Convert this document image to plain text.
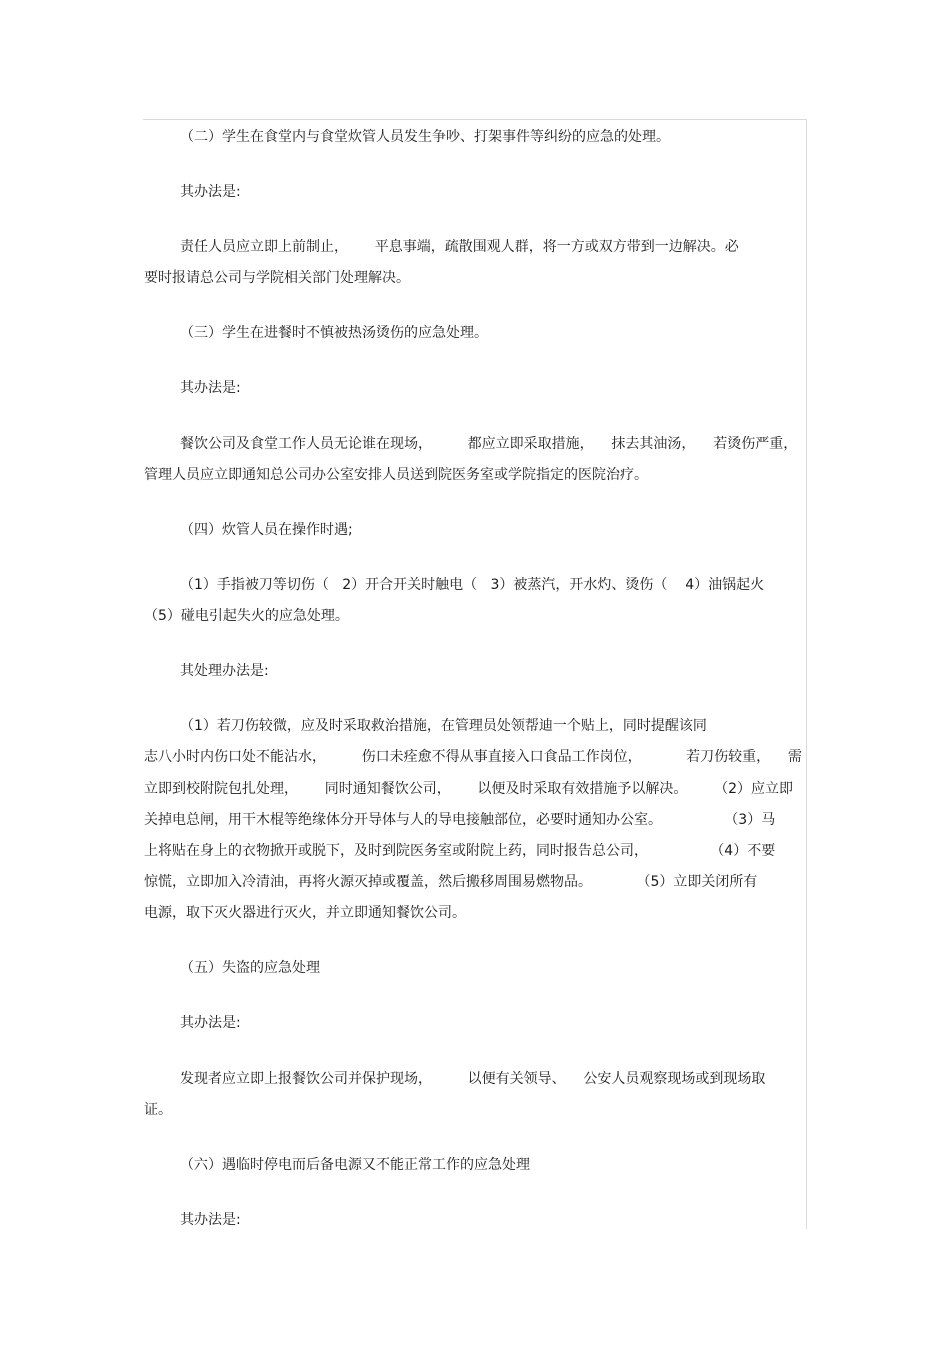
（二）学生在食堂内与食堂炊管人员发生争吵、打架事件等纠纷的应急的处理。

其办法是:

责任人员应立即上前制止，      平息事端，疏散围观人群，将一方或双方带到一边解决。必

要时报请总公司与学院相关部门处理解决。

（三）学生在进餐时不慎被热汤烫伤的应急处理。

其办法是:

餐饮公司及食堂工作人员无论谁在现场，        都应立即采取措施，    抹去其油汤，    若烫伤严重，

管理人员应立即通知总公司办公室安排人员送到院医务室或学院指定的医院治疗。

（四）炊管人员在操作时遇;

（1）手指被刀等切伤（   2）开合开关时触电（   3）被蒸汽，开水灼、烫伤（    4）油锅起火

（5）碰电引起失火的应急处理。

其处理办法是:

（1）若刀伤较微，应及时采取救治措施，在管理员处领帮迪一个贴上，同时提醒该同

志八小时内伤口处不能沾水，        伤口未痊愈不得从事直接入口食品工作岗位，          若刀伤较重，    需

立即到校附院包扎处理，      同时通知餐饮公司，      以便及时采取有效措施予以解决。      （2）应立即

关掉电总闸，用干木棍等绝缘体分开导体与人的导电接触部位，必要时通知办公室。              （3）马

上将贴在身上的衣物掀开或脱下，及时到院医务室或附院上药，同时报告总公司，              （4）不要

惊慌，立即加入冷清油，再将火源灭掉或覆盖，然后搬移周围易燃物品。          （5）立即关闭所有

电源，取下灭火器进行灭火，并立即通知餐饮公司。

（五）失盗的应急处理

其办法是:

发现者应立即上报餐饮公司并保护现场，        以便有关领导、    公安人员观察现场或到现场取

证。

（六）遇临时停电而后备电源又不能正常工作的应急处理

其办法是:
